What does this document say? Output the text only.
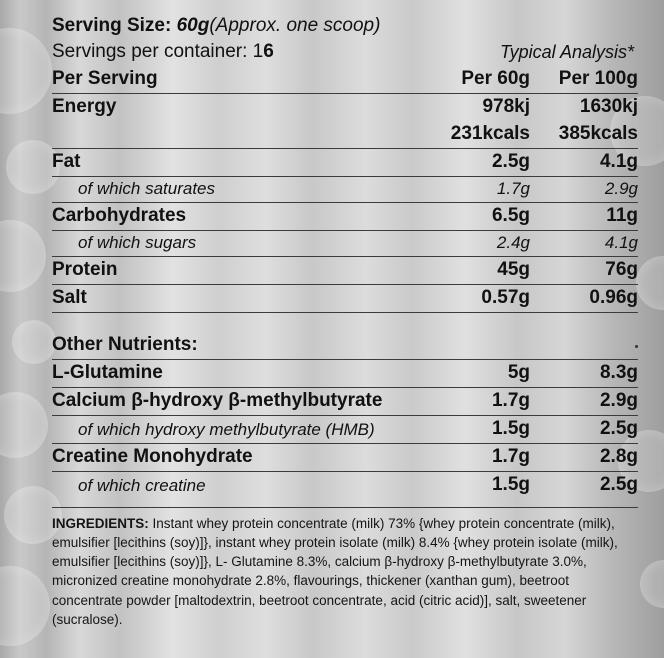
Serving Size: 60g(Approx. one scoop)
Servings per container: 16	Typical Analysis*	
Per Serving	Per 60g	Per 100g
Energy	978kj	1630kj
	231kcals	385kcals
Fat	2.5g	4.1g
of which saturates	1.7g	2.9g
Carbohydrates	6.5g	11g
of which sugars	2.4g	4.1g
Protein	45g	76g
Salt	0.57g	0.96g

Other Nutrients:		
L-Glutamine	5g	8.3g
Calcium β-hydroxy β-methylbutyrate	1.7g	2.9g
of which hydroxy methylbutyrate (HMB)	1.5g	2.5g
Creatine Monohydrate	1.7g	2.8g
of which creatine	1.5g	2.5g
INGREDIENTS: Instant whey protein concentrate (milk) 73% {whey protein concentrate (milk), emulsifier [lecithins (soy)]}, instant whey protein isolate (milk) 8.4% {whey protein isolate (milk), emulsifier [lecithins (soy)]}, L- Glutamine 8.3%, calcium β-hydroxy β-methylbutyrate 3.0%, micronized creatine monohydrate 2.8%, flavourings, thickener (xanthan gum), beetroot concentrate powder [maltodextrin, beetroot concentrate, acid (citric acid)], salt, sweetener (sucralose).
